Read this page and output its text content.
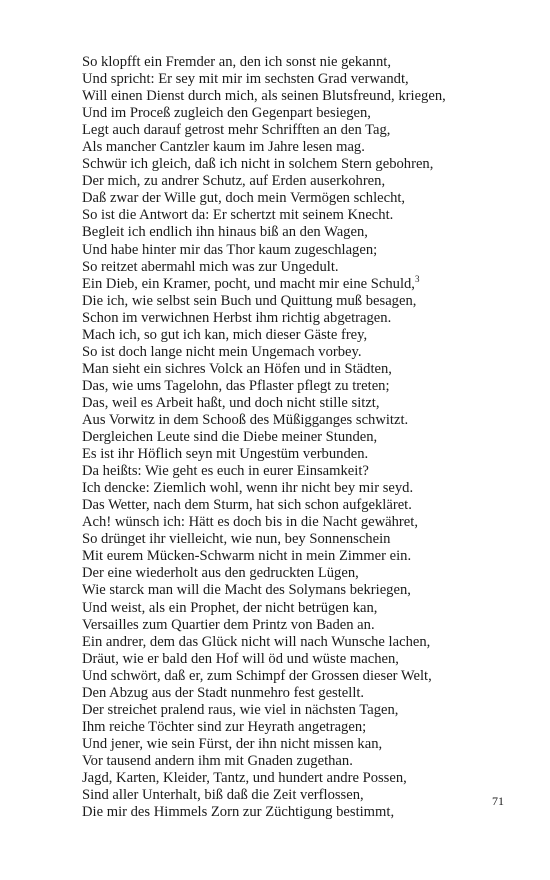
So klopfft ein Fremder an, den ich sonst nie gekannt,
Und spricht: Er sey mit mir im sechsten Grad verwandt,
Will einen Dienst durch mich, als seinen Blutsfreund, kriegen,
Und im Proceß zugleich den Gegenpart besiegen,
Legt auch darauf getrost mehr Schrifften an den Tag,
Als mancher Cantzler kaum im Jahre lesen mag.
Schwür ich gleich, daß ich nicht in solchem Stern gebohren,
Der mich, zu andrer Schutz, auf Erden auserkohren,
Daß zwar der Wille gut, doch mein Vermögen schlecht,
So ist die Antwort da: Er schertzt mit seinem Knecht.
Begleit ich endlich ihn hinaus biß an den Wagen,
Und habe hinter mir das Thor kaum zugeschlagen;
So reitzet abermahl mich was zur Ungedult.
Ein Dieb, ein Kramer, pocht, und macht mir eine Schuld,$^3$
Die ich, wie selbst sein Buch und Quittung muß besagen,
Schon im verwichnen Herbst ihm richtig abgetragen.
Mach ich, so gut ich kan, mich dieser Gäste frey,
So ist doch lange nicht mein Ungemach vorbey.
Man sieht ein sichres Volck an Höfen und in Städten,
Das, wie ums Tagelohn, das Pflaster pflegt zu treten;
Das, weil es Arbeit haßt, und doch nicht stille sitzt,
Aus Vorwitz in dem Schooß des Müßigganges schwitzt.
Dergleichen Leute sind die Diebe meiner Stunden,
Es ist ihr Höflich seyn mit Ungestüm verbunden.
Da heißts: Wie geht es euch in eurer Einsamkeit?
Ich dencke: Ziemlich wohl, wenn ihr nicht bey mir seyd.
Das Wetter, nach dem Sturm, hat sich schon aufgekläret.
Ach! wünsch ich: Hätt es doch bis in die Nacht gewähret,
So drünget ihr vielleicht, wie nun, bey Sonnenschein
Mit eurem Mücken-Schwarm nicht in mein Zimmer ein.
Der eine wiederholt aus den gedruckten Lügen,
Wie starck man will die Macht des Solymans bekriegen,
Und weist, als ein Prophet, der nicht betrügen kan,
Versailles zum Quartier dem Printz von Baden an.
Ein andrer, dem das Glück nicht will nach Wunsche lachen,
Dräut, wie er bald den Hof will öd und wüste machen,
Und schwört, daß er, zum Schimpf der Grossen dieser Welt,
Den Abzug aus der Stadt nunmehro fest gestellt.
Der streichet pralend raus, wie viel in nächsten Tagen,
Ihm reiche Töchter sind zur Heyrath angetragen;
Und jener, wie sein Fürst, der ihn nicht missen kan,
Vor tausend andern ihm mit Gnaden zugethan.
Jagd, Karten, Kleider, Tantz, und hundert andre Possen,
Sind aller Unterhalt, biß daß die Zeit verflossen,
Die mir des Himmels Zorn zur Züchtigung bestimmt,
71
